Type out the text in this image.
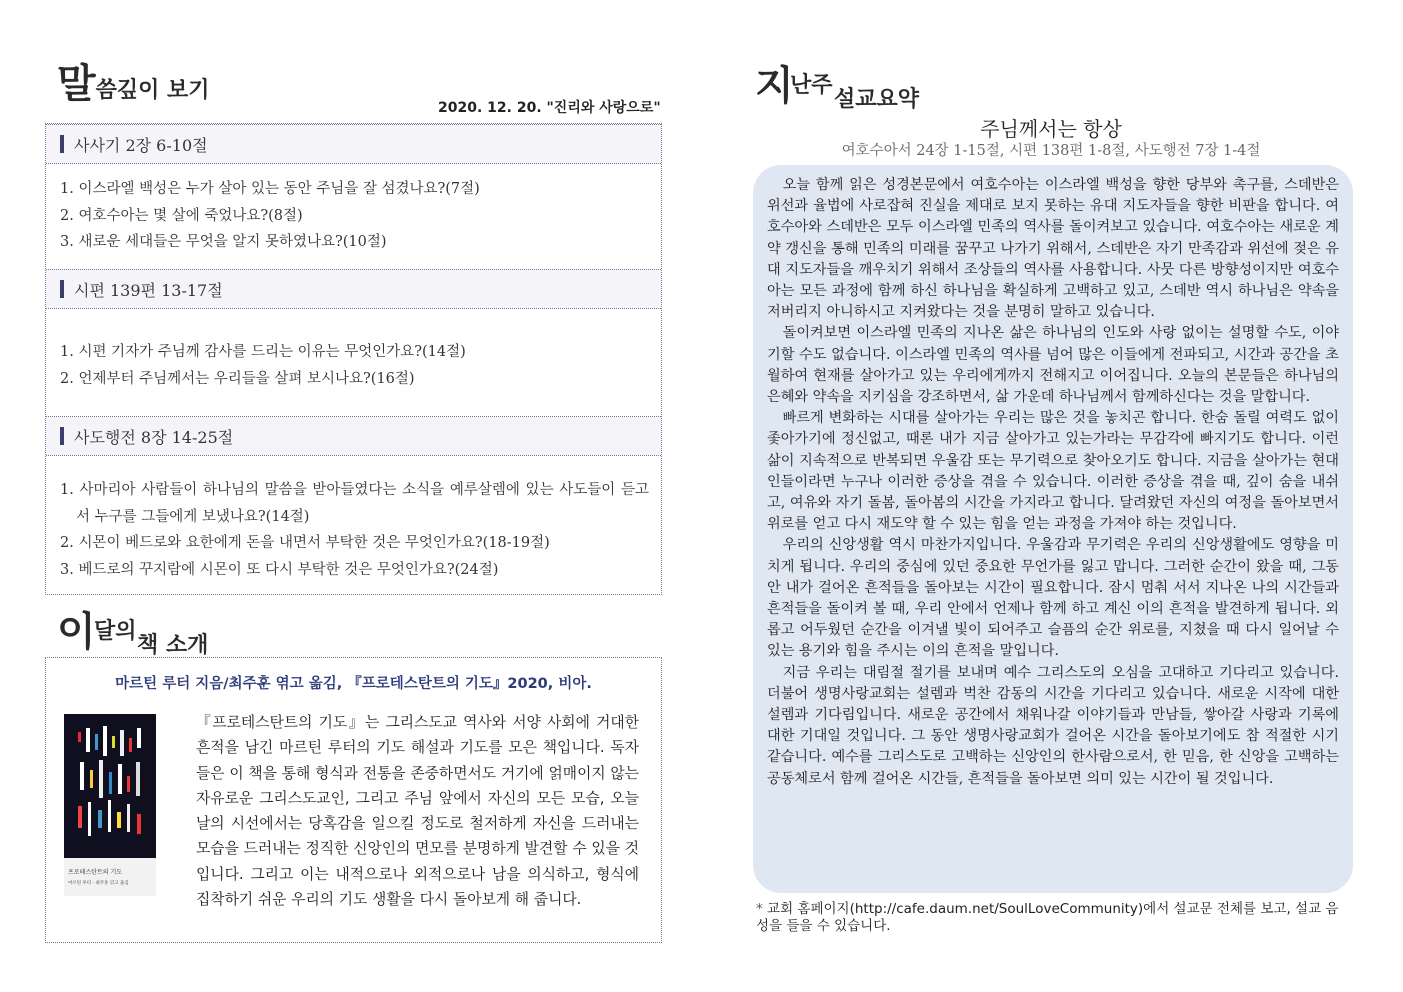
말씀깊이 보기
2020. 12. 20. "진리와 사랑으로"
사사기 2장 6-10절
1. 이스라엘 백성은 누가 살아 있는 동안 주님을 잘 섬겼나요?(7절)
2. 여호수아는 몇 살에 죽었나요?(8절)
3. 새로운 세대들은 무엇을 알지 못하였나요?(10절)
시편 139편 13-17절
1. 시편 기자가 주님께 감사를 드리는 이유는 무엇인가요?(14절)
2. 언제부터 주님께서는 우리들을 살펴 보시나요?(16절)
사도행전 8장 14-25절
1. 사마리아 사람들이 하나님의 말씀을 받아들였다는 소식을 예루살렘에 있는 사도들이 듣고서 누구를 그들에게 보냈나요?(14절)
2. 시몬이 베드로와 요한에게 돈을 내면서 부탁한 것은 무엇인가요?(18-19절)
3. 베드로의 꾸지람에 시몬이 또 다시 부탁한 것은 무엇인가요?(24절)
이
달의
책 소개
마르틴 루터 지음/최주훈 엮고 옮김, 『프로테스탄트의 기도』2020, 비아.
프로테스탄트의 기도
마르틴 루터 · 최주훈 엮고 옮김
『프로테스탄트의 기도』는 그리스도교 역사와 서양 사회에 거대한 흔적을 남긴 마르틴 루터의 기도 해설과 기도를 모은 책입니다. 독자들은 이 책을 통해 형식과 전통을 존중하면서도 거기에 얽매이지 않는 자유로운 그리스도교인, 그리고 주님 앞에서 자신의 모든 모습, 오늘날의 시선에서는 당혹감을 일으킬 정도로 철저하게 자신을 드러내는 모습을 드러내는 정직한 신앙인의 면모를 분명하게 발견할 수 있을 것입니다. 그리고 이는 내적으로나 외적으로나 남을 의식하고, 형식에 집착하기 쉬운 우리의 기도 생활을 다시 돌아보게 해 줍니다.
지
난주
설교요약
주님께서는 항상
여호수아서 24장 1-15절, 시편 138편 1-8절, 사도행전 7장 1-4절

오늘 함께 읽은 성경본문에서 여호수아는 이스라엘 백성을 향한 당부와 촉구를, 스데반은 위선과 율법에 사로잡혀 진실을 제대로 보지 못하는 유대 지도자들을 향한 비판을 합니다. 여호수아와 스데반은 모두 이스라엘 민족의 역사를 돌이켜보고 있습니다. 여호수아는 새로운 계약 갱신을 통해 민족의 미래를 꿈꾸고 나가기 위해서, 스데반은 자기 만족감과 위선에 젖은 유대 지도자들을 깨우치기 위해서 조상들의 역사를 사용합니다. 사뭇 다른 방향성이지만 여호수아는 모든 과정에 함께 하신 하나님을 확실하게 고백하고 있고, 스데반 역시 하나님은 약속을 저버리지 아니하시고 지켜왔다는 것을 분명히 말하고 있습니다.

돌이켜보면 이스라엘 민족의 지나온 삶은 하나님의 인도와 사랑 없이는 설명할 수도, 이야기할 수도 없습니다. 이스라엘 민족의 역사를 넘어 많은 이들에게 전파되고, 시간과 공간을 초월하여 현재를 살아가고 있는 우리에게까지 전해지고 이어집니다. 오늘의 본문들은 하나님의 은혜와 약속을 지키심을 강조하면서, 삶 가운데 하나님께서 함께하신다는 것을 말합니다.

빠르게 변화하는 시대를 살아가는 우리는 많은 것을 놓치곤 합니다. 한숨 돌릴 여력도 없이 좇아가기에 정신없고, 때론 내가 지금 살아가고 있는가라는 무감각에 빠지기도 합니다. 이런 삶이 지속적으로 반복되면 우울감 또는 무기력으로 찾아오기도 합니다. 지금을 살아가는 현대인들이라면 누구나 이러한 증상을 겪을 수 있습니다. 이러한 증상을 겪을 때, 깊이 숨을 내쉬고, 여유와 자기 돌봄, 돌아봄의 시간을 가지라고 합니다. 달려왔던 자신의 여정을 돌아보면서 위로를 얻고 다시 재도약 할 수 있는 힘을 얻는 과정을 가져야 하는 것입니다.

우리의 신앙생활 역시 마찬가지입니다. 우울감과 무기력은 우리의 신앙생활에도 영향을 미치게 됩니다. 우리의 중심에 있던 중요한 무언가를 잃고 맙니다. 그러한 순간이 왔을 때, 그동안 내가 걸어온 흔적들을 돌아보는 시간이 필요합니다. 잠시 멈춰 서서 지나온 나의 시간들과 흔적들을 돌이켜 볼 때, 우리 안에서 언제나 함께 하고 계신 이의 흔적을 발견하게 됩니다. 외롭고 어두웠던 순간을 이겨낼 빛이 되어주고 슬픔의 순간 위로를, 지쳤을 때 다시 일어날 수 있는 용기와 힘을 주시는 이의 흔적을 말입니다.

지금 우리는 대림절 절기를 보내며 예수 그리스도의 오심을 고대하고 기다리고 있습니다. 더불어 생명사랑교회는 설렘과 벅찬 감동의 시간을 기다리고 있습니다. 새로운 시작에 대한 설렘과 기다림입니다. 새로운 공간에서 채워나갈 이야기들과 만남들, 쌓아갈 사랑과 기록에 대한 기대일 것입니다. 그 동안 생명사랑교회가 걸어온 시간을 돌아보기에도 참 적절한 시기 같습니다. 예수를 그리스도로 고백하는 신앙인의 한사람으로서, 한 믿음, 한 신앙을 고백하는 공동체로서 함께 걸어온 시간들, 흔적들을 돌아보면 의미 있는 시간이 될 것입니다.

* 교회 홈페이지(http://cafe.daum.net/SoulLoveCommunity)에서 설교문 전체를 보고, 설교 음성을 들을 수 있습니다.
